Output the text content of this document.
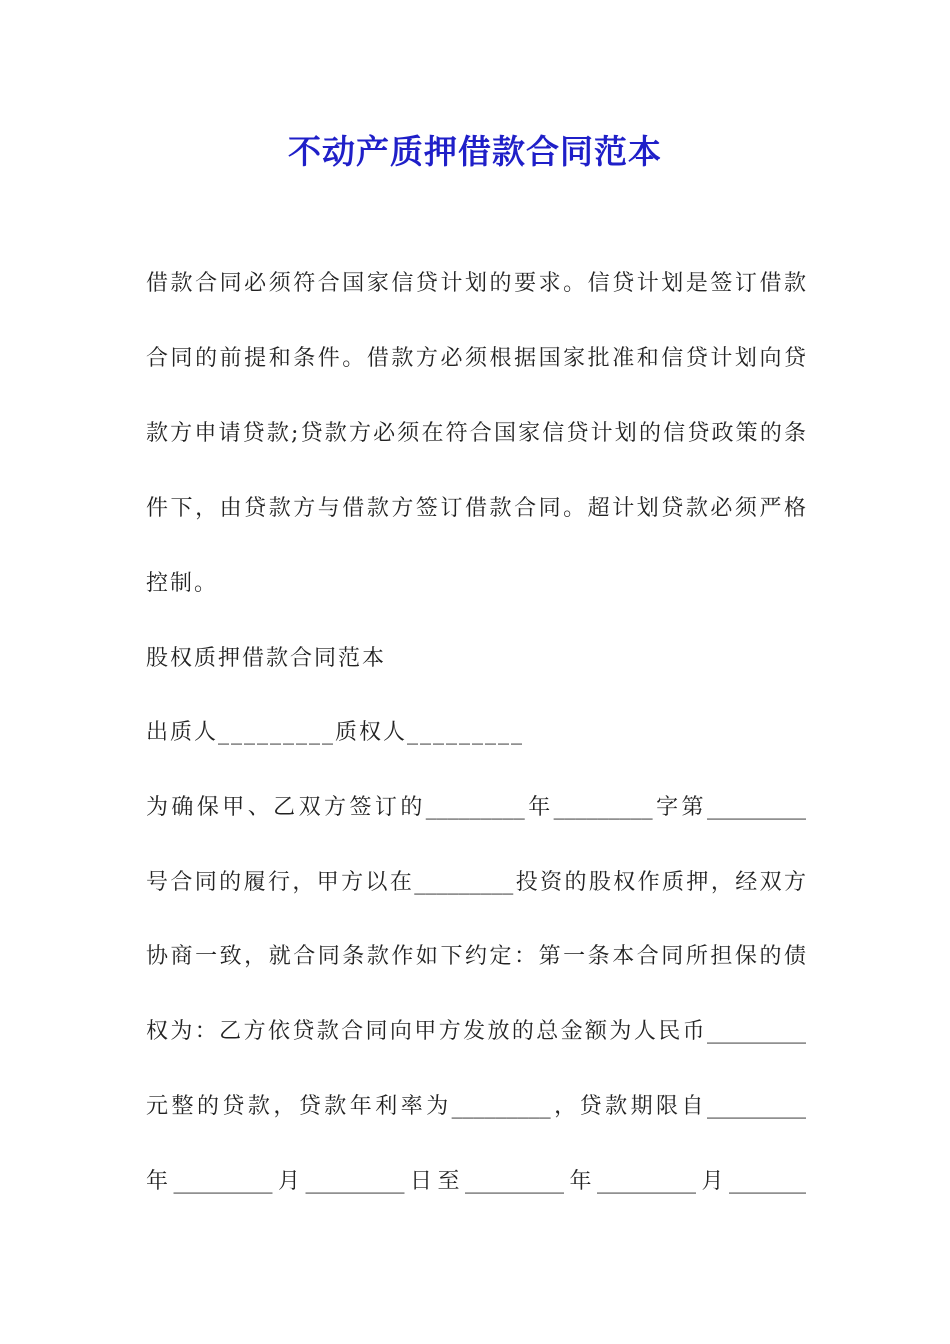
不动产质押借款合同范本

借款合同必须符合国家信贷计划的要求。信贷计划是签订借款

合同的前提和条件。借款方必须根据国家批准和信贷计划向贷

款方申请贷款;贷款方必须在符合国家信贷计划的信贷政策的条

件下，由贷款方与借款方签订借款合同。超计划贷款必须严格

控制。

股权质押借款合同范本

出质人_________质权人_________

为确保甲、乙双方签订的_________年_________字第_________

号合同的履行，甲方以在_________投资的股权作质押，经双方

协商一致，就合同条款作如下约定：第一条本合同所担保的债

权为：乙方依贷款合同向甲方发放的总金额为人民币_________

元整的贷款，贷款年利率为_________，贷款期限自_________

年_________月_________日至_________年_________月_______
